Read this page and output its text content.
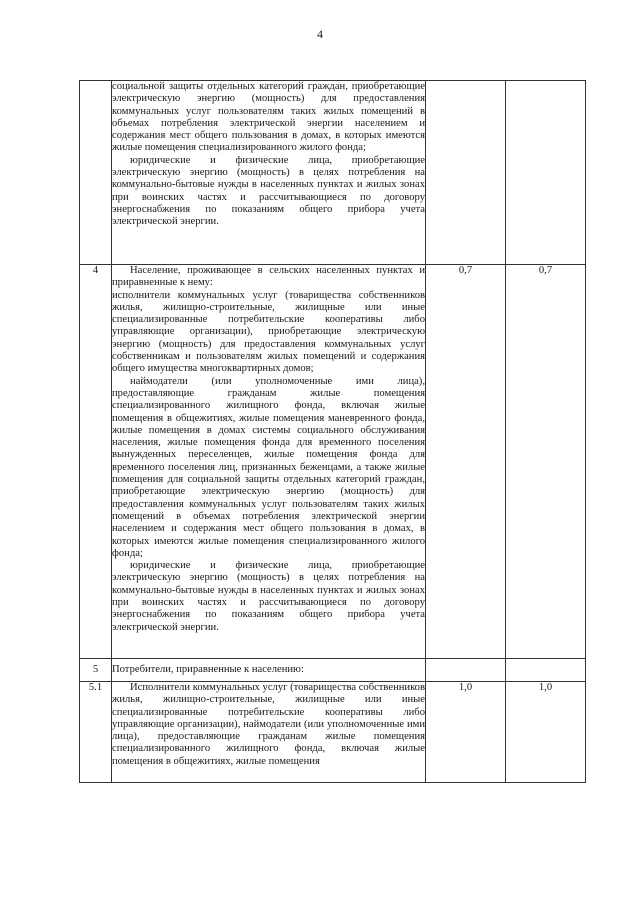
4

	социальной защиты отдельных категорий граждан, приобретающие электрическую энергию (мощность) для предоставления коммунальных услуг пользователям таких жилых помещений в объемах потребления электрической энергии населением и содержания мест общего пользования в домах, в которых имеются жилые помещения специализированного жилого фонда;

юридические и физические лица, приобретающие электрическую энергию (мощность) в целях потребления на коммунально-бытовые нужды в населенных пунктах и жилых зонах при воинских частях и рассчитывающиеся по договору энергоснабжения по показаниям общего прибора учета электрической энергии.		

4	Население, проживающее в сельских населенных пунктах и приравненные к нему:

исполнители коммунальных услуг (товарищества собственников жилья, жилищно-строительные, жилищные или иные специализированные потребительские кооперативы либо управляющие организации), приобретающие электрическую энергию (мощность) для предоставления коммунальных услуг собственникам и пользователям жилых помещений и содержания общего имущества многоквартирных домов;

наймодатели (или уполномоченные ими лица), предоставляющие гражданам жилые помещения специализированного жилищного фонда, включая жилые помещения в общежитиях, жилые помещения маневренного фонда, жилые помещения в домах системы социального обслуживания населения, жилые помещения фонда для временного поселения вынужденных переселенцев, жилые помещения фонда для временного поселения лиц, признанных беженцами, а также жилые помещения для социальной защиты отдельных категорий граждан, приобретающие электрическую энергию (мощность) для предоставления коммунальных услуг пользователям таких жилых помещений в объемах потребления электрической энергии населением и содержания мест общего пользования в домах, в которых имеются жилые помещения специализированного жилого фонда;

юридические и физические лица, приобретающие электрическую энергию (мощность) в целях потребления на коммунально-бытовые нужды в населенных пунктах и жилых зонах при воинских частях и рассчитывающиеся по договору энергоснабжения по показаниям общего прибора учета электрической энергии.	0,7	0,7
5	Потребители, приравненные к населению:		

5.1	Исполнители коммунальных услуг (товарищества собственников жилья, жилищно-строительные, жилищные или иные специализированные потребительские кооперативы либо управляющие организации), наймодатели (или уполномоченные ими лица), предоставляющие гражданам жилые помещения специализированного жилищного фонда, включая жилые помещения в общежитиях, жилые помещения	1,0	1,0
